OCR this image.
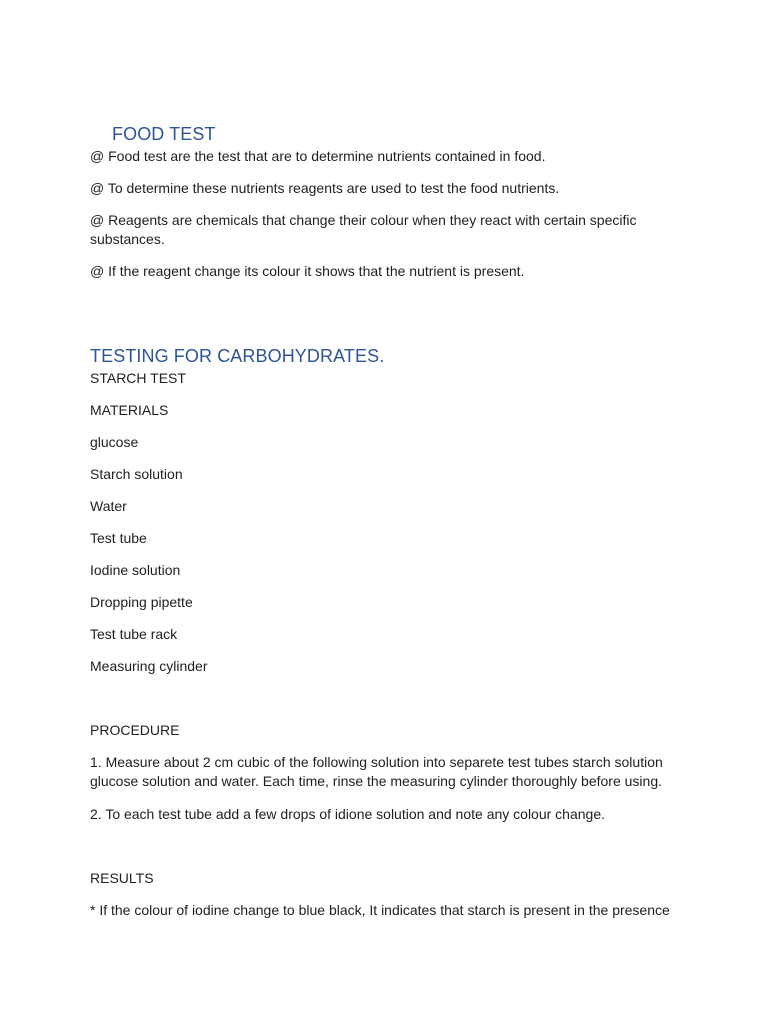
FOOD TEST

@ Food test are the test that are to determine nutrients contained in food.

@ To determine these nutrients reagents are used to test the food nutrients.

@ Reagents are chemicals that change their colour when they react with certain specific substances.

@ If the reagent change its colour it shows that the nutrient is present.

TESTING FOR CARBOHYDRATES.

STARCH TEST

MATERIALS

glucose

Starch solution

Water

Test tube

Iodine solution

Dropping pipette

Test tube rack

Measuring cylinder

PROCEDURE

1. Measure about 2 cm cubic of the following solution into separete test tubes starch solution glucose solution and water. Each time, rinse the measuring cylinder thoroughly before using.

2. To each test tube add a few drops of idione solution and note any colour change.

RESULTS

* If the colour of iodine change to blue black, It indicates that starch is present in the presence
